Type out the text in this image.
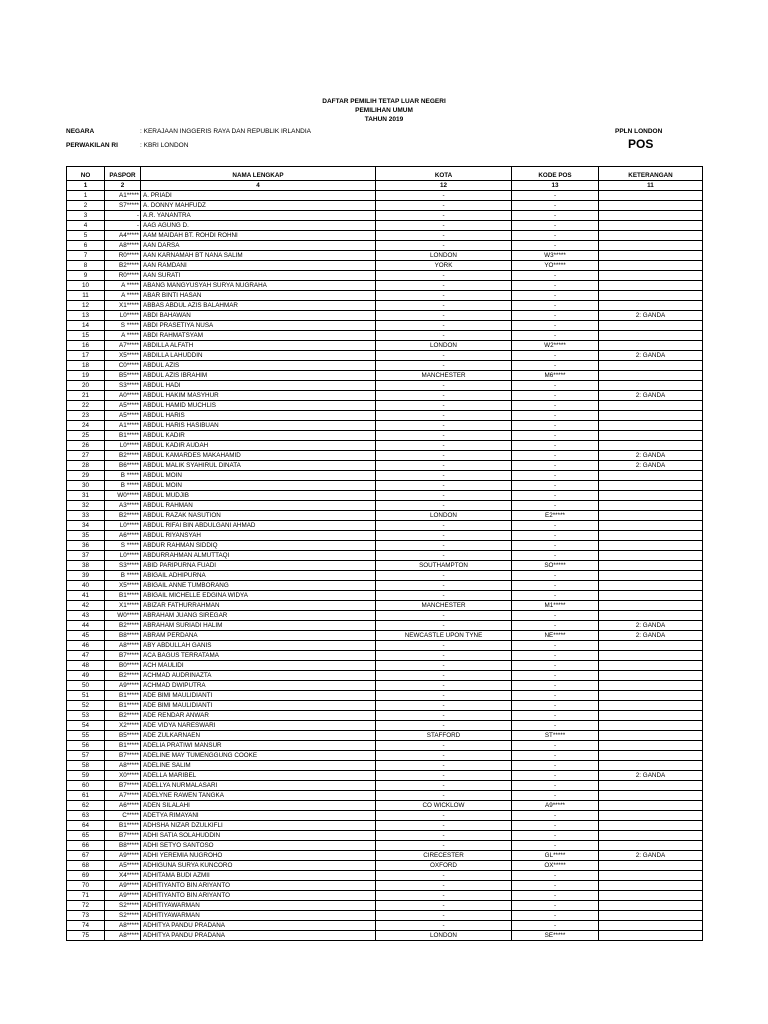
DAFTAR PEMILIH TETAP LUAR NEGERI
PEMILIHAN UMUM
TAHUN 2019
NEGARA	: KERAJAAN INGGERIS RAYA DAN REPUBLIK IRLANDIA	PPLN LONDON
PERWAKILAN RI	: KBRI LONDON	POS
NO	PASPOR	NAMA LENGKAP	KOTA	KODE POS	KETERANGAN
1	2	4	12	13	11
1	A1*****	A. PRIADI	-	-	
2	S7*****	A. DONNY MAHFUDZ	-	-	
3	-	A.R. YANANTRA	-	-	
4	-	AAG AGUNG D.	-	-	
5	A4*****	AAM MAIDAH BT. ROHDI ROHNI	-	-	
6	A8*****	AAN DARSA	-	-	
7	R0*****	AAN KARNAMAH BT NANA SALIM	LONDON	W3*****	
8	B2*****	AAN RAMDANI	YORK	YO*****	
9	R0*****	AAN SURATI	-	-	
10	A *****	ABANG MANGYUSYAH SURYA NUGRAHA	-	-	
11	A *****	ABAR BINTI HASAN	-	-	
12	X1*****	ABBAS ABDUL AZIS BALAHMAR	-	-	
13	L0*****	ABDI BAHAWAN	-	-	2: GANDA
14	S *****	ABDI PRASETIYA NUSA	-	-	
15	A *****	ABDI RAHMATSYAM	-	-	
16	A7*****	ABDILLA ALFATH	LONDON	W2*****	
17	X5*****	ABDILLA LAHUDDIN	-	-	2: GANDA
18	C0*****	ABDUL AZIS	-	-	
19	B5*****	ABDUL AZIS IBRAHIM	MANCHESTER	M6*****	
20	S3*****	ABDUL HADI	-	-	
21	A0*****	ABDUL HAKIM MASYHUR	-	-	2: GANDA
22	A5*****	ABDUL HAMID MUCHLIS	-	-	
23	A5*****	ABDUL HARIS	-	-	
24	A1*****	ABDUL HARIS HASIBUAN	-	-	
25	B1*****	ABDUL KADIR	-	-	
26	L0*****	ABDUL KADIR AUDAH	-	-	
27	B2*****	ABDUL KAMARDES MAKAHAMID	-	-	2: GANDA
28	B6*****	ABDUL MALIK SYAHIRUL DINATA	-	-	2: GANDA
29	B *****	ABDUL MOIN	-	-	
30	B *****	ABDUL MOIN	-	-	
31	W0*****	ABDUL MUDJIB	-	-	
32	A3*****	ABDUL RAHMAN	-	-	
33	B2*****	ABDUL RAZAK NASUTION	LONDON	E2*****	
34	L0*****	ABDUL RIFAI BIN ABDULGANI AHMAD	-	-	
35	A6*****	ABDUL RIYANSYAH	-	-	
36	S *****	ABDUR RAHMAN SIDDIQ	-	-	
37	L0*****	ABDURRAHMAN ALMUTTAQI	-	-	
38	S3*****	ABID PARIPURNA FUADI	SOUTHAMPTON	SO*****	
39	B *****	ABIGAIL ADHIPURNA	-	-	
40	X5*****	ABIGAIL ANNE TUMBORANG	-	-	
41	B1*****	ABIGAIL MICHELLE EDGINA WIDYA	-	-	
42	X1*****	ABIZAR FATHURRAHMAN	MANCHESTER	M1*****	
43	W0*****	ABRAHAM JUANG SIREGAR	-	-	
44	B2*****	ABRAHAM SURIADI HALIM	-	-	2: GANDA
45	B8*****	ABRAM PERDANA	NEWCASTLE UPON TYNE	NE*****	2: GANDA
46	A8*****	ABY ABDULLAH GANIS	-	-	
47	B7*****	ACA BAGUS TERRATAMA	-	-	
48	B0*****	ACH MAULIDI	-	-	
49	B2*****	ACHMAD AUDRINAZTA	-	-	
50	A9*****	ACHMAD DWIPUTRA	-	-	
51	B1*****	ADE BIMI MAULIDIANTI	-	-	
52	B1*****	ADE BIMI MAULIDIANTI	-	-	
53	B2*****	ADE RENDAR ANWAR	-	-	
54	X2*****	ADE VIDYA NARESWARI	-	-	
55	B5*****	ADE ZULKARNAEN	STAFFORD	ST*****	
56	B1*****	ADELIA PRATIWI MANSUR	-	-	
57	B7*****	ADELINE MAY TUMENGGUNG COOKE	-	-	
58	A8*****	ADELINE SALIM	-	-	
59	X0*****	ADELLA MARIBEL	-	-	2: GANDA
60	B7*****	ADELLYA NURMALASARI	-	-	
61	A7*****	ADELYNE RAWEN TANGKA	-	-	
62	A6*****	ADEN SILALAHI	CO WICKLOW	A9*****	
63	C*****	ADETYA RIMAYANI	-	-	
64	B1*****	ADHSHA NIZAR DZULKIFLI	-	-	
65	B7*****	ADHI SATIA SOLAHUDDIN	-	-	
66	B8*****	ADHI SETYO SANTOSO	-	-	
67	A9*****	ADHI YEREMIA NUGROHO	CIRECESTER	GL*****	2: GANDA
68	A5*****	ADHIGUNA SURYA KUNCORO	OXFORD	OX*****	
69	X4*****	ADHITAMA BUDI AZMII	-	-	
70	A9*****	ADHITIYANTO BIN ARIYANTO	-	-	
71	A9*****	ADHITIYANTO BIN ARIYANTO	-	-	
72	S2*****	ADHITIYAWARMAN	-	-	
73	S2*****	ADHITIYAWARMAN	-	-	
74	A8*****	ADHITYA PANDU PRADANA	-	-	
75	A8*****	ADHITYA PANDU PRADANA	LONDON	SE*****	
